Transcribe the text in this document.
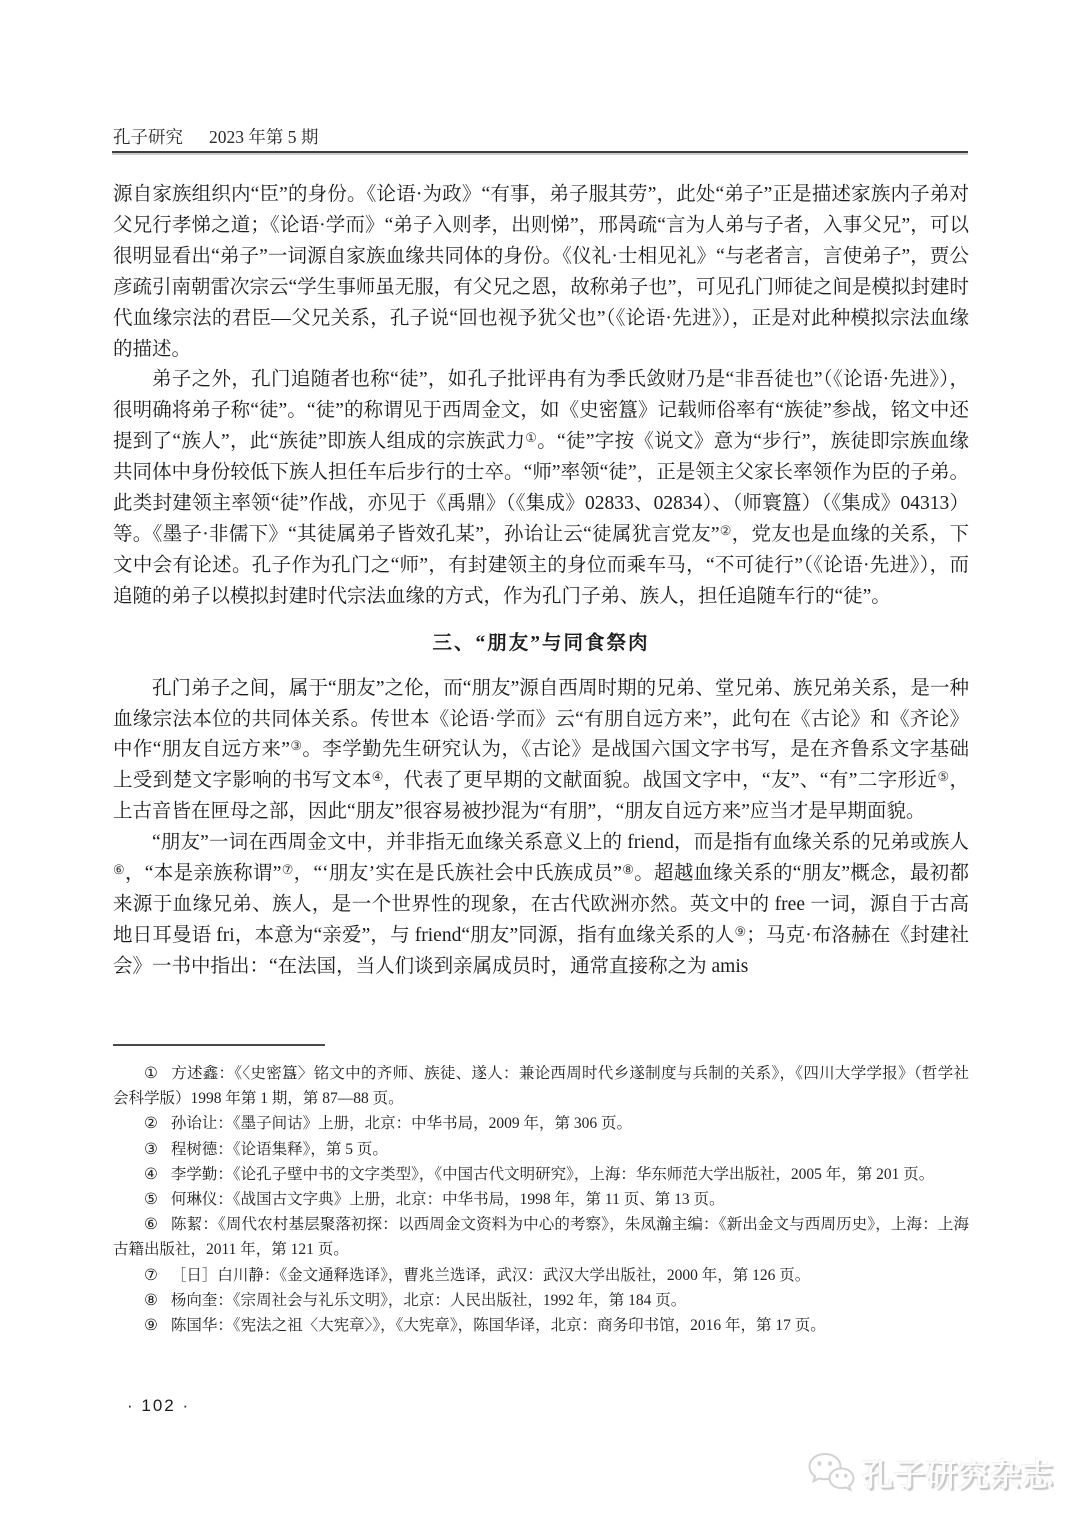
孔子研究 2023 年第 5 期

源自家族组织内“臣”的身份。《论语·为政》“有事，弟子服其劳”，此处“弟子”正是描述家族内子弟对父兄行孝悌之道；《论语·学而》“弟子入则孝，出则悌”，邢昺疏“言为人弟与子者，入事父兄”，可以很明显看出“弟子”一词源自家族血缘共同体的身份。《仪礼·士相见礼》“与老者言，言使弟子”，贾公彦疏引南朝雷次宗云“学生事师虽无服，有父兄之恩，故称弟子也”，可见孔门师徒之间是模拟封建时代血缘宗法的君臣—父兄关系，孔子说“回也视予犹父也”（《论语·先进》），正是对此种模拟宗法血缘的描述。

弟子之外，孔门追随者也称“徒”，如孔子批评冉有为季氏敛财乃是“非吾徒也”（《论语·先进》），很明确将弟子称“徒”。“徒”的称谓见于西周金文，如《史密簋》记载师俗率有“族徒”参战，铭文中还提到了“族人”，此“族徒”即族人组成的宗族武力①。“徒”字按《说文》意为“步行”，族徒即宗族血缘共同体中身份较低下族人担任车后步行的士卒。“师”率领“徒”，正是领主父家长率领作为臣的子弟。此类封建领主率领“徒”作战，亦见于《禹鼎》（《集成》02833、02834）、（师寰簋）（《集成》04313）等。《墨子·非儒下》“其徒属弟子皆效孔某”，孙诒让云“徒属犹言党友”②，党友也是血缘的关系，下文中会有论述。孔子作为孔门之“师”，有封建领主的身位而乘车马，“不可徒行”（《论语·先进》），而追随的弟子以模拟封建时代宗法血缘的方式，作为孔门子弟、族人，担任追随车行的“徒”。

三、“朋友”与同食祭肉

孔门弟子之间，属于“朋友”之伦，而“朋友”源自西周时期的兄弟、堂兄弟、族兄弟关系，是一种血缘宗法本位的共同体关系。传世本《论语·学而》云“有朋自远方来”，此句在《古论》和《齐论》中作“朋友自远方来”③。李学勤先生研究认为，《古论》是战国六国文字书写，是在齐鲁系文字基础上受到楚文字影响的书写文本④，代表了更早期的文献面貌。战国文字中，“友”、“有”二字形近⑤，上古音皆在匣母之部，因此“朋友”很容易被抄混为“有朋”，“朋友自远方来”应当才是早期面貌。

“朋友”一词在西周金文中，并非指无血缘关系意义上的 friend，而是指有血缘关系的兄弟或族人⑥，“本是亲族称谓”⑦，“‘朋友’实在是氏族社会中氏族成员”⑧。超越血缘关系的“朋友”概念，最初都来源于血缘兄弟、族人，是一个世界性的现象，在古代欧洲亦然。英文中的 free 一词，源自于古高地日耳曼语 fri，本意为“亲爱”，与 friend“朋友”同源，指有血缘关系的人⑨；马克·布洛赫在《封建社会》一书中指出：“在法国，当人们谈到亲属成员时，通常直接称之为 amis

① 方述鑫：《〈史密簋〉铭文中的齐师、族徒、遂人：兼论西周时代乡遂制度与兵制的关系》，《四川大学学报》（哲学社会科学版）1998 年第 1 期，第 87—88 页。

② 孙诒让：《墨子间诂》上册，北京：中华书局，2009 年，第 306 页。

③ 程树德：《论语集释》，第 5 页。

④ 李学勤：《论孔子壁中书的文字类型》，《中国古代文明研究》，上海：华东师范大学出版社，2005 年，第 201 页。

⑤ 何琳仪：《战国古文字典》上册，北京：中华书局，1998 年，第 11 页、第 13 页。

⑥ 陈絜：《周代农村基层聚落初探：以西周金文资料为中心的考察》，朱凤瀚主编：《新出金文与西周历史》，上海：上海古籍出版社，2011 年，第 121 页。

⑦ ［日］白川静：《金文通释选译》，曹兆兰选译，武汉：武汉大学出版社，2000 年，第 126 页。

⑧ 杨向奎：《宗周社会与礼乐文明》，北京：人民出版社，1992 年，第 184 页。

⑨ 陈国华：《宪法之祖〈大宪章〉》，《大宪章》，陈国华译，北京：商务印书馆，2016 年，第 17 页。

· 102 ·
孔子研究杂志
